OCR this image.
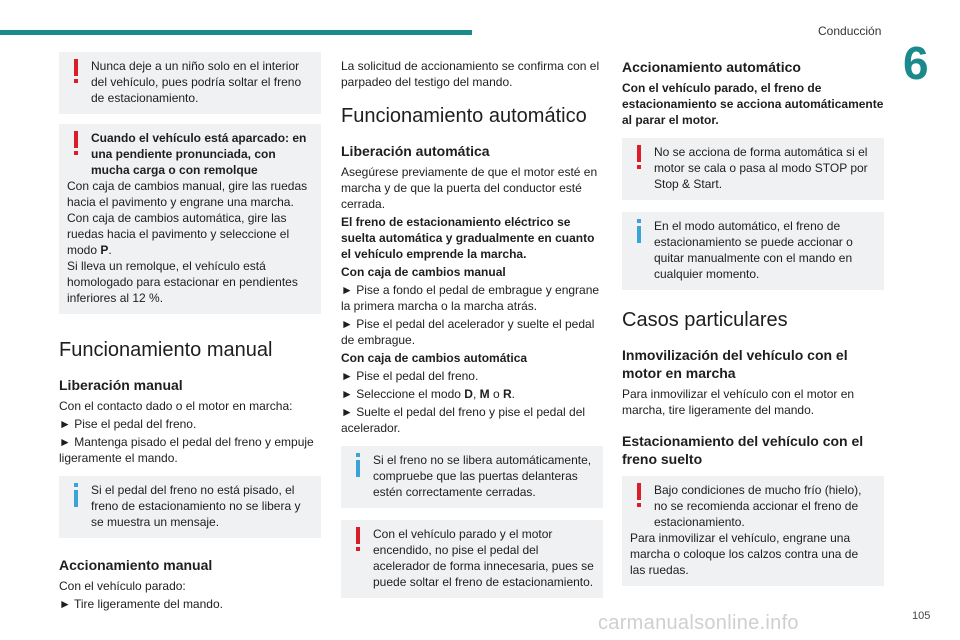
Conducción
6
Nunca deje a un niño solo en el interior del vehículo, pues podría soltar el freno de estacionamiento.
Cuando el vehículo está aparcado: en una pendiente pronunciada, con mucha carga o con remolque
Con caja de cambios manual, gire las ruedas hacia el pavimento y engrane una marcha.
Con caja de cambios automática, gire las ruedas hacia el pavimento y seleccione el modo P.
Si lleva un remolque, el vehículo está homologado para estacionar en pendientes inferiores al 12 %.
Funcionamiento manual
Liberación manual

Con el contacto dado o el motor en marcha:

► Pise el pedal del freno.

► Mantenga pisado el pedal del freno y empuje ligeramente el mando.

Si el pedal del freno no está pisado, el freno de estacionamiento no se libera y se muestra un mensaje.
Accionamiento manual

Con el vehículo parado:

► Tire ligeramente del mando.

La solicitud de accionamiento se confirma con el parpadeo del testigo del mando.

Funcionamiento automático
Liberación automática

Asegúrese previamente de que el motor esté en marcha y de que la puerta del conductor esté cerrada.

El freno de estacionamiento eléctrico se suelta automática y gradualmente en cuanto el vehículo emprende la marcha.

Con caja de cambios manual

► Pise a fondo el pedal de embrague y engrane la primera marcha o la marcha atrás.

► Pise el pedal del acelerador y suelte el pedal de embrague.

Con caja de cambios automática

► Pise el pedal del freno.

► Seleccione el modo D, M o R.

► Suelte el pedal del freno y pise el pedal del acelerador.

Si el freno no se libera automáticamente, compruebe que las puertas delanteras estén correctamente cerradas.
Con el vehículo parado y el motor encendido, no pise el pedal del acelerador de forma innecesaria, pues se puede soltar el freno de estacionamiento.
Accionamiento automático

Con el vehículo parado, el freno de estacionamiento se acciona automáticamente al parar el motor.

No se acciona de forma automática si el motor se cala o pasa al modo STOP por Stop & Start.
En el modo automático, el freno de estacionamiento se puede accionar o quitar manualmente con el mando en cualquier momento.
Casos particulares
Inmovilización del vehículo con el motor en marcha

Para inmovilizar el vehículo con el motor en marcha, tire ligeramente del mando.

Estacionamiento del vehículo con el freno suelto
Bajo condiciones de mucho frío (hielo), no se recomienda accionar el freno de estacionamiento.
Para inmovilizar el vehículo, engrane una marcha o coloque los calzos contra una de las ruedas.
carmanualsonline.info	105
